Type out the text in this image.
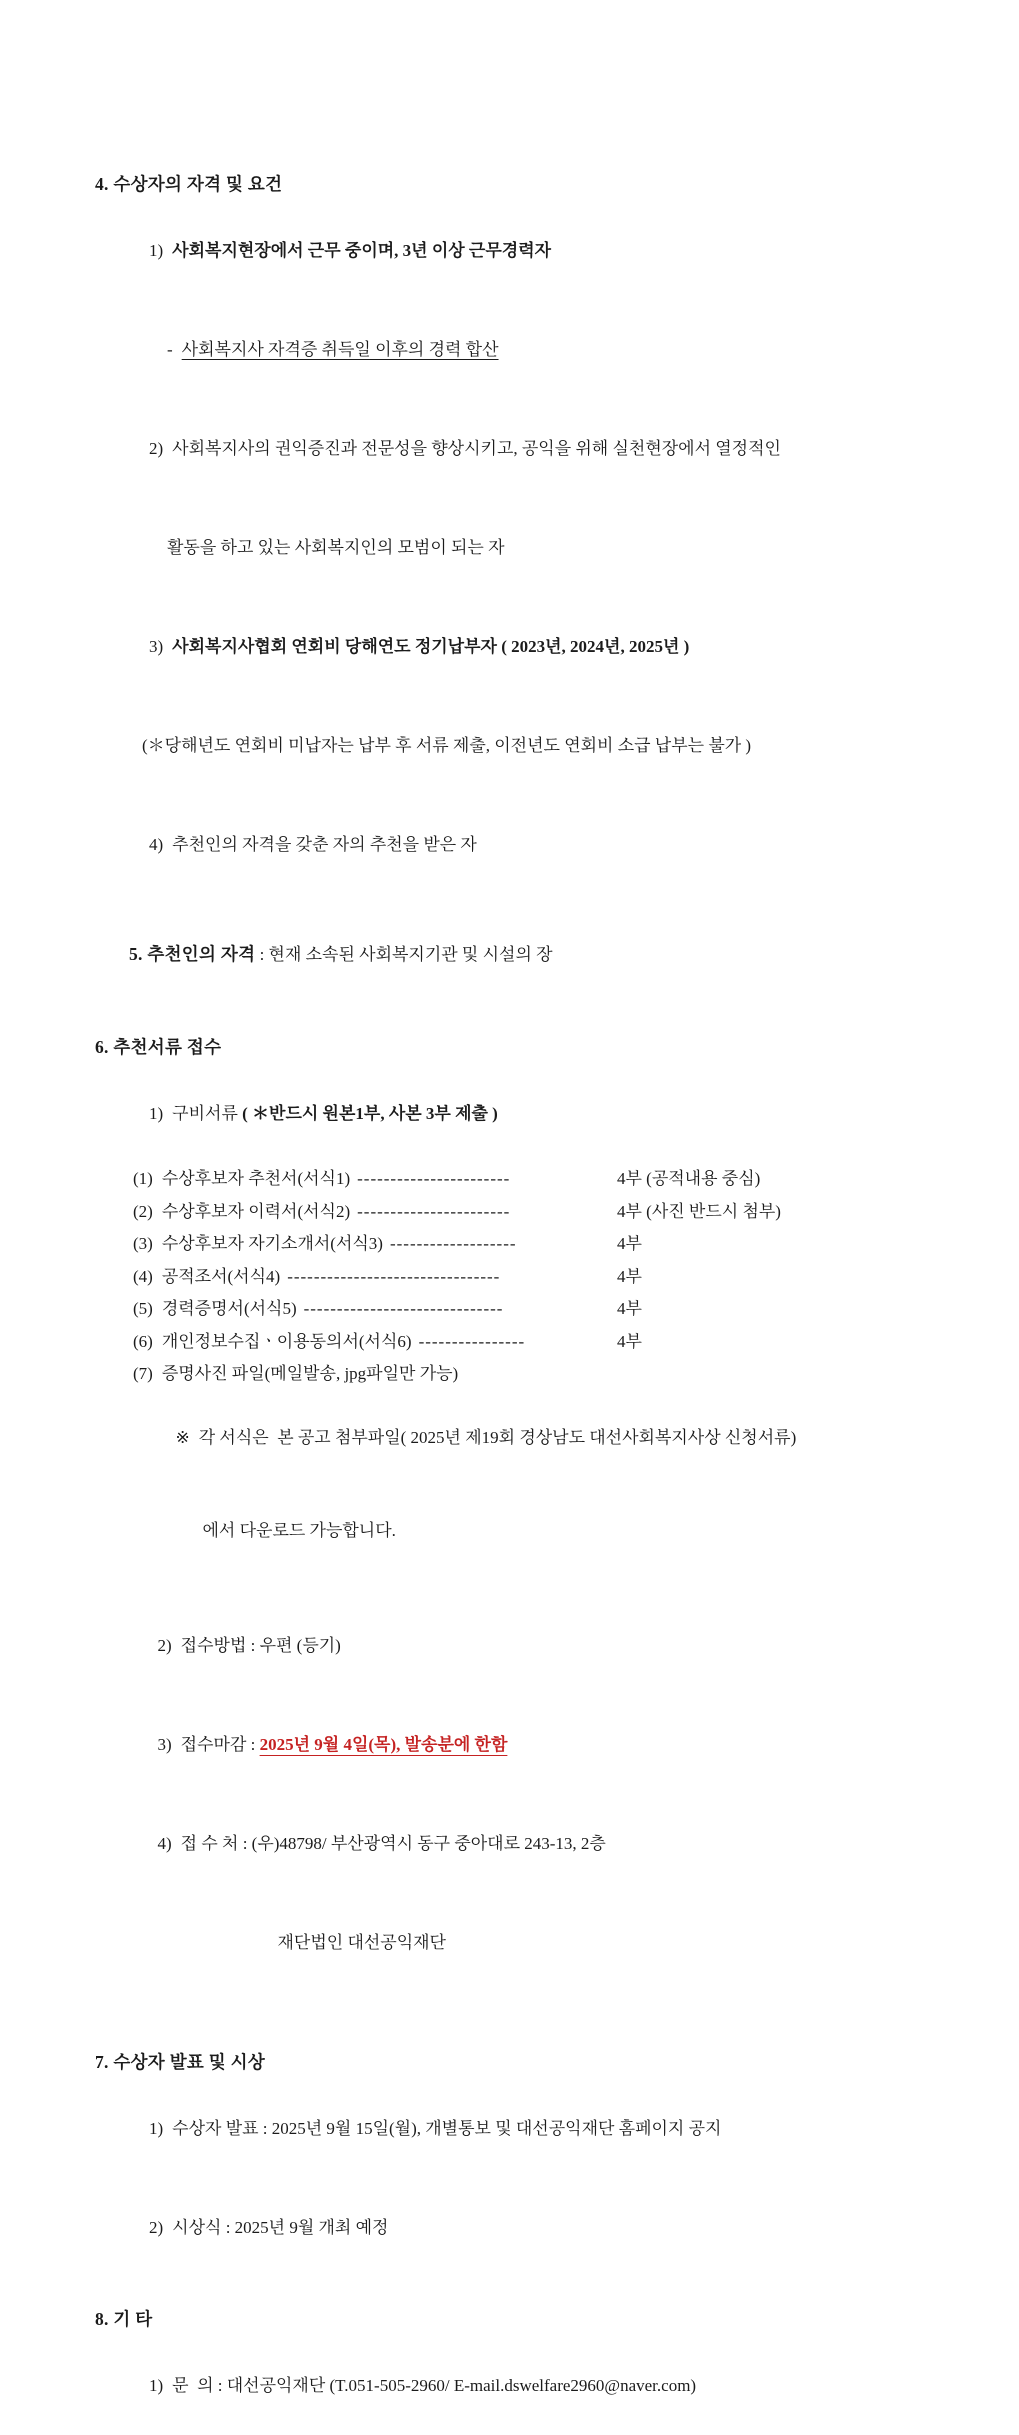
4. 수상자의 자격 및 요건

1) 사회복지현장에서 근무 중이며, 3년 이상 근무경력자

- 사회복지사 자격증 취득일 이후의 경력 합산

2) 사회복지사의 권익증진과 전문성을 향상시키고, 공익을 위해 실천현장에서 열정적인

활동을 하고 있는 사회복지인의 모범이 되는 자

3) 사회복지사협회 연회비 당해연도 정기납부자 ( 2023년, 2024년, 2025년 )

(＊당해년도 연회비 미납자는 납부 후 서류 제출, 이전년도 연회비 소급 납부는 불가 )

4) 추천인의 자격을 갖춘 자의 추천을 받은 자

5. 추천인의 자격 : 현재 소속된 사회복지기관 및 시설의 장

6. 추천서류 접수

1) 구비서류 ( ＊반드시 원본1부, 사본 3부 제출 )

(1) 수상후보자 추천서(서식1) -----------------------	4부 (공적내용 중심)
(2) 수상후보자 이력서(서식2) -----------------------	4부 (사진 반드시 첨부)
(3) 수상후보자 자기소개서(서식3) -------------------	4부
(4) 공적조서(서식4) --------------------------------	4부
(5) 경력증명서(서식5) ------------------------------	4부
(6) 개인정보수집ㆍ이용동의서(서식6) ----------------	4부
(7) 증명사진 파일(메일발송, jpg파일만 가능)

※ 각 서식은  본 공고 첨부파일( 2025년 제19회 경상남도 대선사회복지사상 신청서류)

에서 다운로드 가능합니다.

2) 접수방법 : 우편 (등기)

3) 접수마감 : 2025년 9월 4일(목), 발송분에 한함

4) 접 수 처 : (우)48798/ 부산광역시 동구 중아대로 243-13, 2층

재단법인 대선공익재단

7. 수상자 발표 및 시상

1) 수상자 발표 : 2025년 9월 15일(월), 개별통보 및 대선공익재단 홈페이지 공지

2) 시상식 : 2025년 9월 개최 예정

8. 기 타

1) 문  의 : 대선공익재단 (T.051-505-2960/ E-mail.dswelfare2960@naver.com)
